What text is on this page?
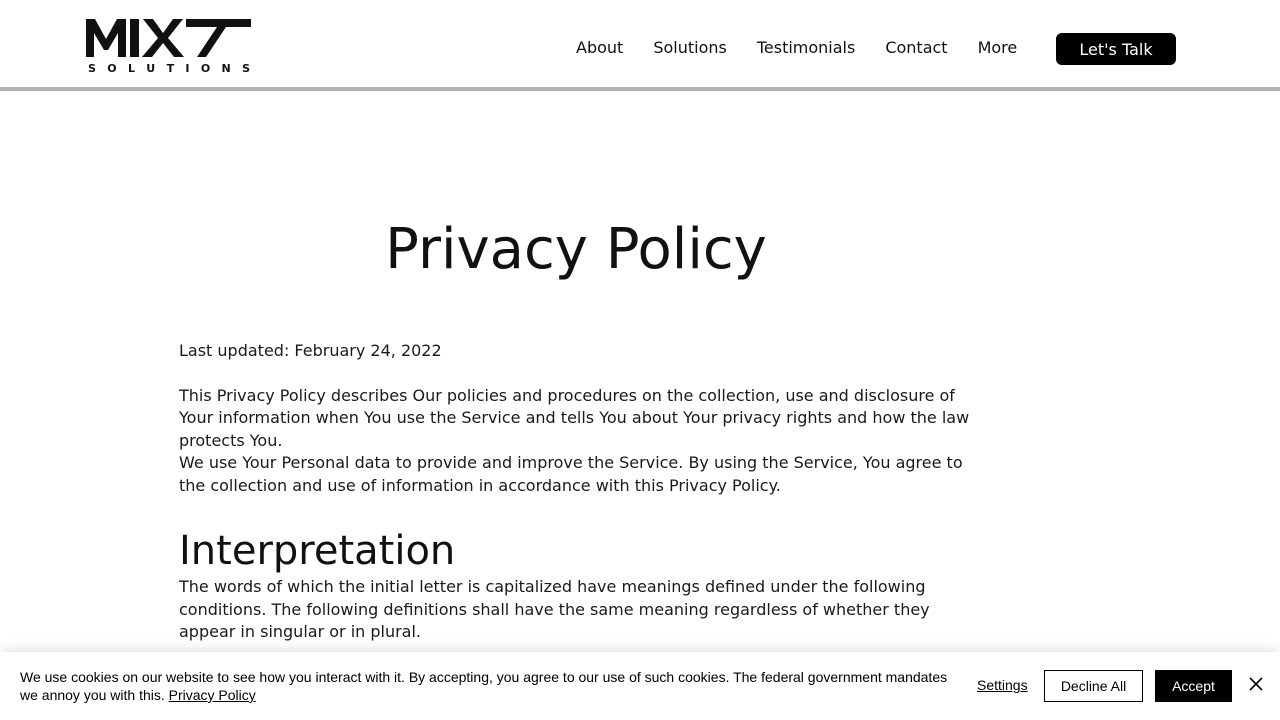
S O L U T I O N S
About Solutions Testimonials Contact More	Let's Talk
Privacy Policy

Last updated: February 24, 2022

This Privacy Policy describes Our policies and procedures on the collection, use and disclosure of Your information when You use the Service and tells You about Your privacy rights and how the law protects You.

We use Your Personal data to provide and improve the Service. By using the Service, You agree to the collection and use of information in accordance with this Privacy Policy.

Interpretation

The words of which the initial letter is capitalized have meanings defined under the following conditions. The following definitions shall have the same meaning regardless of whether they appear in singular or in plural.

We use cookies on our website to see how you interact with it. By accepting, you agree to our use of such cookies. The federal government mandates we annoy you with this. Privacy Policy
Settings	Decline All	Accept
